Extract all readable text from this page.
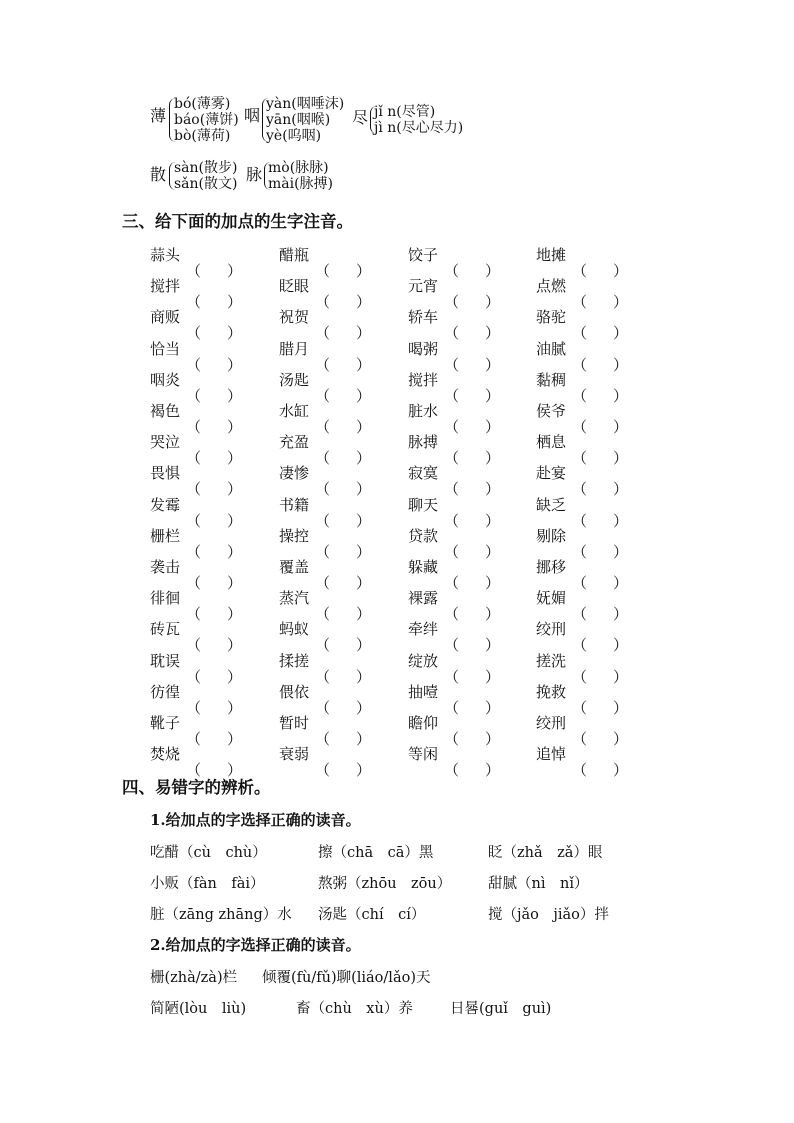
薄
bó(薄雾)
báo(薄饼)
bò(薄荷)
咽
yàn(咽唾沫)
yān(咽喉)
yè(呜咽)
尽 jǐ n(尽管)
jì n(尽心尽力)
散 sàn(散步)
sǎn(散文) 脉 mò(脉脉)
mài(脉搏)
三、给下面的加点的生字注音。
蒜头	醋瓶	饺子	地摊
搅拌	眨眼	元宵	点燃
商贩	祝贺	轿车	骆驼
恰当	腊月	喝粥	油腻
咽炎	汤匙	搅拌	黏稠
褐色	水缸	脏水	侯爷
哭泣	充盈	脉搏	栖息
畏惧	凄惨	寂寞	赴宴
发霉	书籍	聊天	缺乏
栅栏	操控	贷款	剔除
袭击	覆盖	躲藏	挪移
徘徊	蒸汽	裸露	妩媚
砖瓦	蚂蚁	牵绊	绞刑
耽误	揉搓	绽放	搓洗
彷徨	偎依	抽噎	挽救
靴子	暂时	瞻仰	绞刑
焚烧	衰弱	等闲	追悼
四、易错字的辨析。
1.给加点的字选择正确的读音。
吃醋（cù　chù）	擦（chā　cā）黑	眨（zhǎ　zǎ）眼
小贩（fàn　fài）	熬粥（zhōu　zōu）	甜腻（nì　nǐ）
脏（zāng zhāng）水 汤匙（chí　cí）	搅（jǎo　jiǎo）拌
2.给加点的字选择正确的读音。
栅(zhà/zà)栏 倾覆(fù/fǔ)聊(liáo/lǎo)天
简陋(lòu　liù)	畜（chù　xù）养	日晷(guǐ　guì)
